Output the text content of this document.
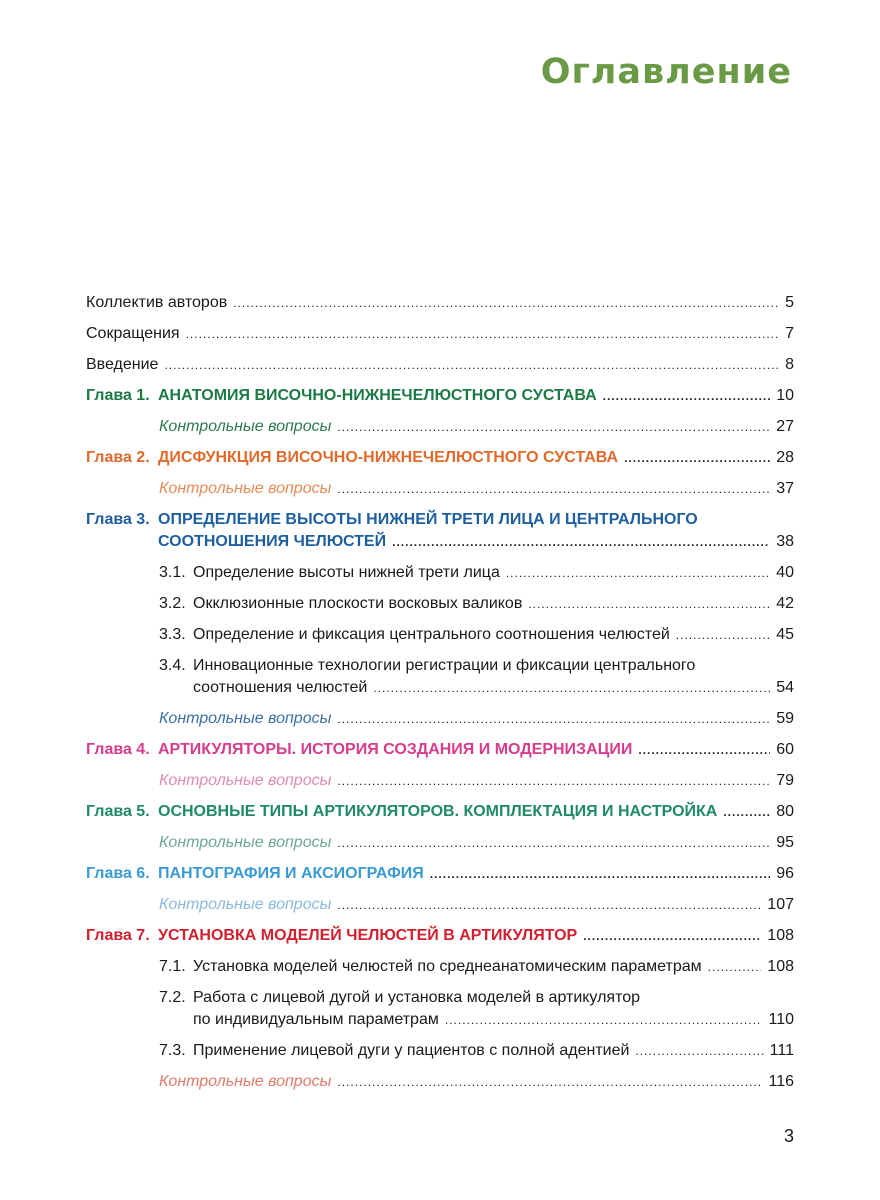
Оглавление
Коллектив авторов .....	5
Сокращения .....	7
Введение .....	8
Глава 1. АНАТОМИЯ ВИСОЧНО-НИЖНЕЧЕЛЮСТНОГО СУСТАВА .....	10
Контрольные вопросы .....	27
Глава 2. ДИСФУНКЦИЯ ВИСОЧНО-НИЖНЕЧЕЛЮСТНОГО СУСТАВА .....	28
Контрольные вопросы .....	37
Глава 3. ОПРЕДЕЛЕНИЕ ВЫСОТЫ НИЖНЕЙ ТРЕТИ ЛИЦА И ЦЕНТРАЛЬНОГО
СООТНОШЕНИЯ ЧЕЛЮСТЕЙ .....	38
3.1. Определение высоты нижней трети лица .....	40
3.2. Окклюзионные плоскости восковых валиков .....	42
3.3. Определение и фиксация центрального соотношения челюстей .....	45
3.4. Инновационные технологии регистрации и фиксации центрального
соотношения челюстей .....	54
Контрольные вопросы .....	59
Глава 4. АРТИКУЛЯТОРЫ. ИСТОРИЯ СОЗДАНИЯ И МОДЕРНИЗАЦИИ .....	60
Контрольные вопросы .....	79
Глава 5. ОСНОВНЫЕ ТИПЫ АРТИКУЛЯТОРОВ. КОМПЛЕКТАЦИЯ И НАСТРОЙКА .....	80
Контрольные вопросы .....	95
Глава 6. ПАНТОГРАФИЯ И АКСИОГРАФИЯ .....	96
Контрольные вопросы .....	107
Глава 7. УСТАНОВКА МОДЕЛЕЙ ЧЕЛЮСТЕЙ В АРТИКУЛЯТОР .....	108
7.1. Установка моделей челюстей по среднеанатомическим параметрам .....	108
7.2. Работа с лицевой дугой и установка моделей в артикулятор
по индивидуальным параметрам .....	110
7.3. Применение лицевой дуги у пациентов с полной адентией .....	111
Контрольные вопросы .....	116
3
